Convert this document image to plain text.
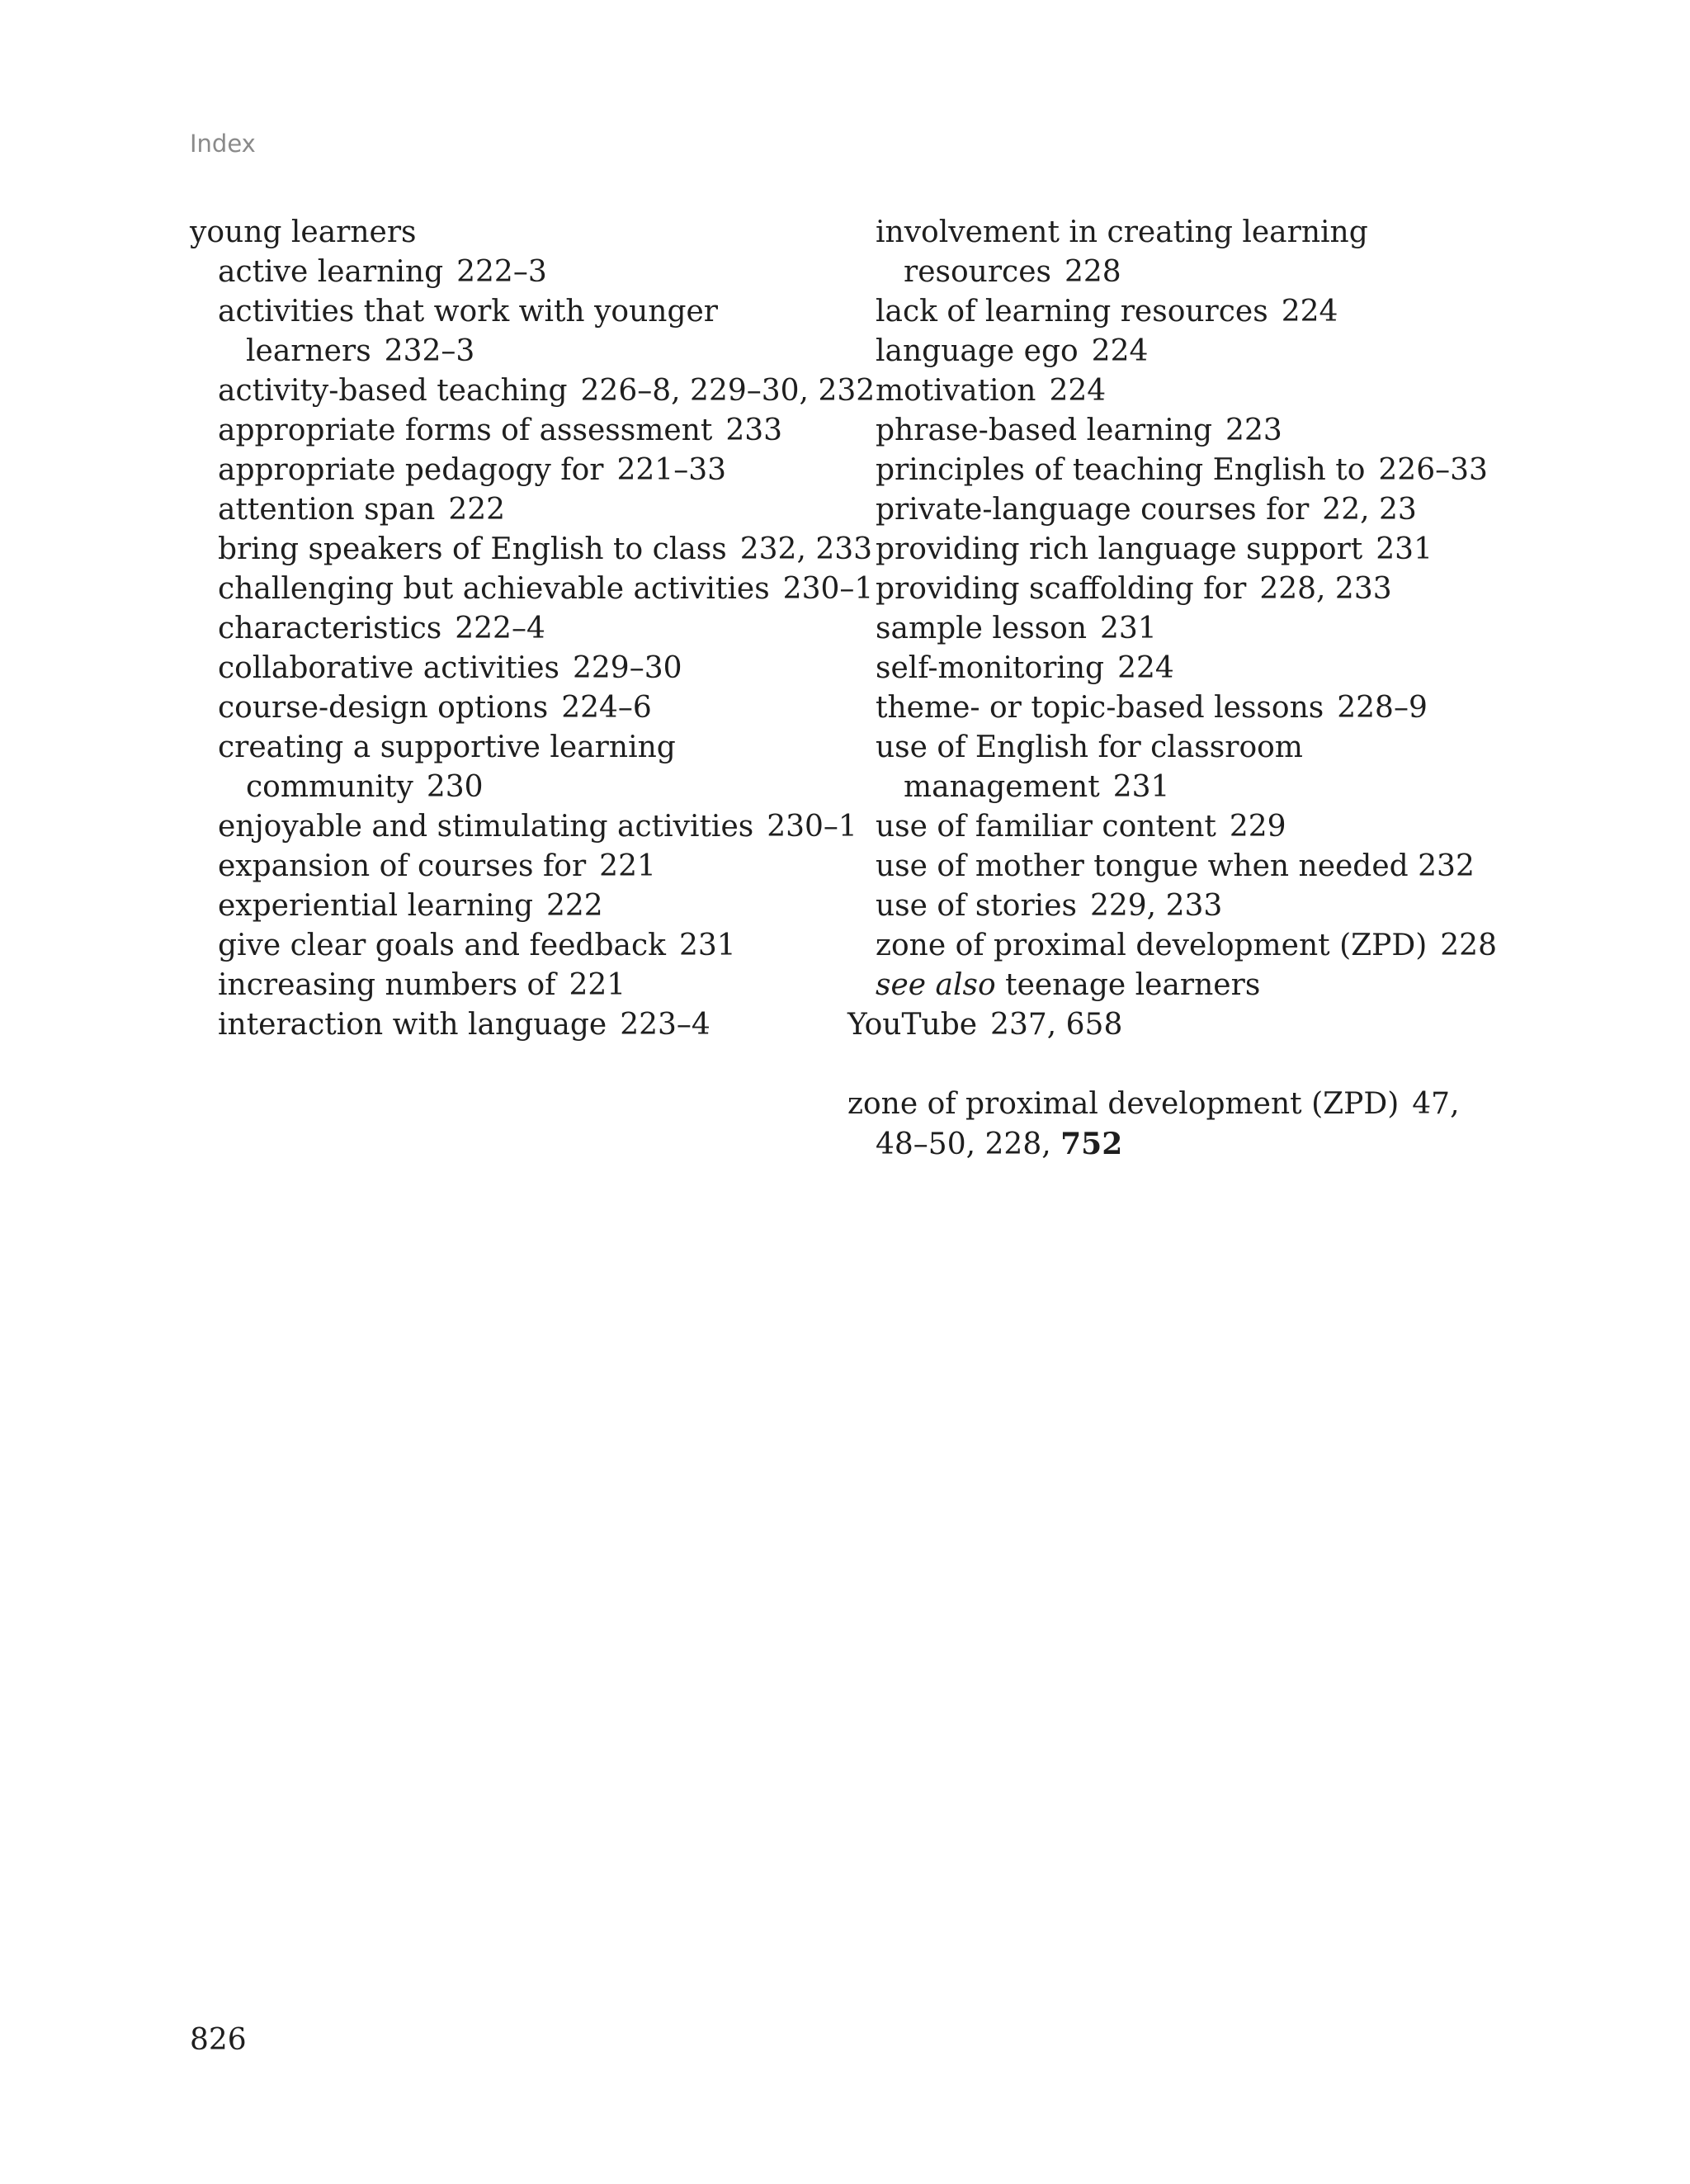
Index
young learners
active learning 222–3
activities that work with younger learners 232–3
activity-based teaching 226–8, 229–30, 232
appropriate forms of assessment 233
appropriate pedagogy for 221–33
attention span 222
bring speakers of English to class 232, 233
challenging but achievable activities 230–1
characteristics 222–4
collaborative activities 229–30
course-design options 224–6
creating a supportive learning community 230
enjoyable and stimulating activities 230–1
expansion of courses for 221
experiential learning 222
give clear goals and feedback 231
increasing numbers of 221
interaction with language 223–4
involvement in creating learning resources 228
lack of learning resources 224
language ego 224
motivation 224
phrase-based learning 223
principles of teaching English to 226–33
private-language courses for 22, 23
providing rich language support 231
providing scaffolding for 228, 233
sample lesson 231
self-monitoring 224
theme- or topic-based lessons 228–9
use of English for classroom management 231
use of familiar content 229
use of mother tongue when needed 232
use of stories 229, 233
zone of proximal development (ZPD) 228
see also teenage learners
YouTube 237, 658
zone of proximal development (ZPD) 47, 48–50, 228, 752
826
